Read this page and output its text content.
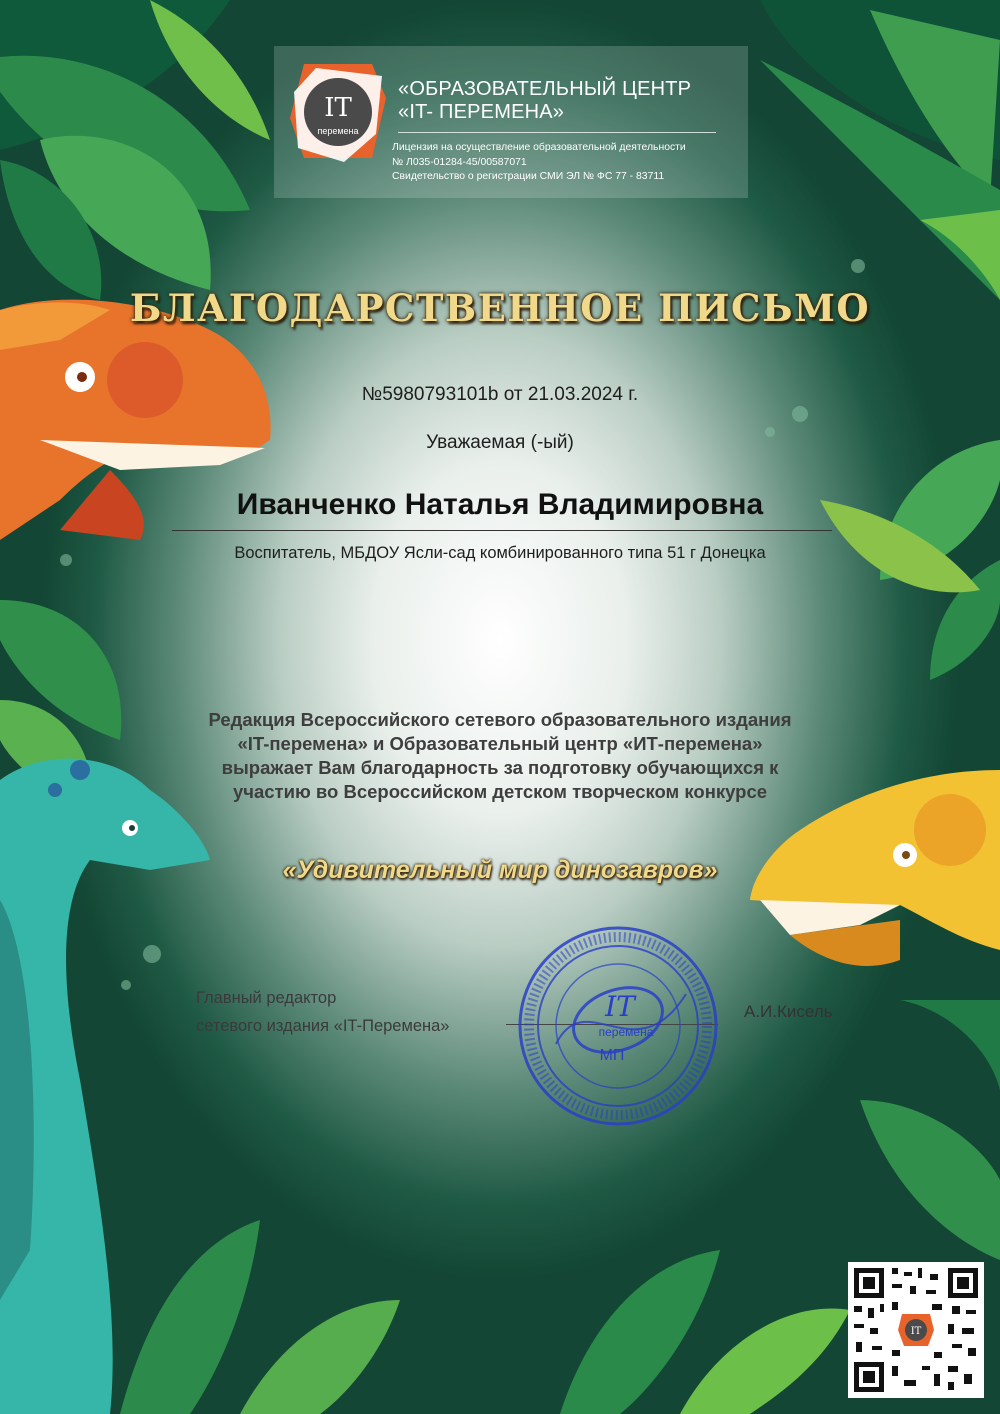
IT
перемена
«ОБРАЗОВАТЕЛЬНЫЙ ЦЕНТР
«IT- ПЕРЕМЕНА»
Лицензия на осуществление образовательной деятельности
№ Л035-01284-45/00587071
Свидетельство о регистрации СМИ ЭЛ № ФС 77 - 83711
БЛАГОДАРСТВЕННОЕ ПИСЬМО
№5980793101b от 21.03.2024 г.
Уважаемая (-ый)
Иванченко Наталья Владимировна
Воспитатель, МБДОУ Ясли-сад комбинированного типа 51 г Донецка
Редакция Всероссийского сетевого образовательного издания
«IT-перемена» и Образовательный центр «ИТ-перемена»
выражает Вам благодарность за подготовку обучающихся к
участию во Всероссийском детском творческом конкурсе
«Удивительный мир динозавров»
Главный редактор
сетевого издания «IT-Перемена»
А.И.Кисель
IT
перемена
МП
IT
